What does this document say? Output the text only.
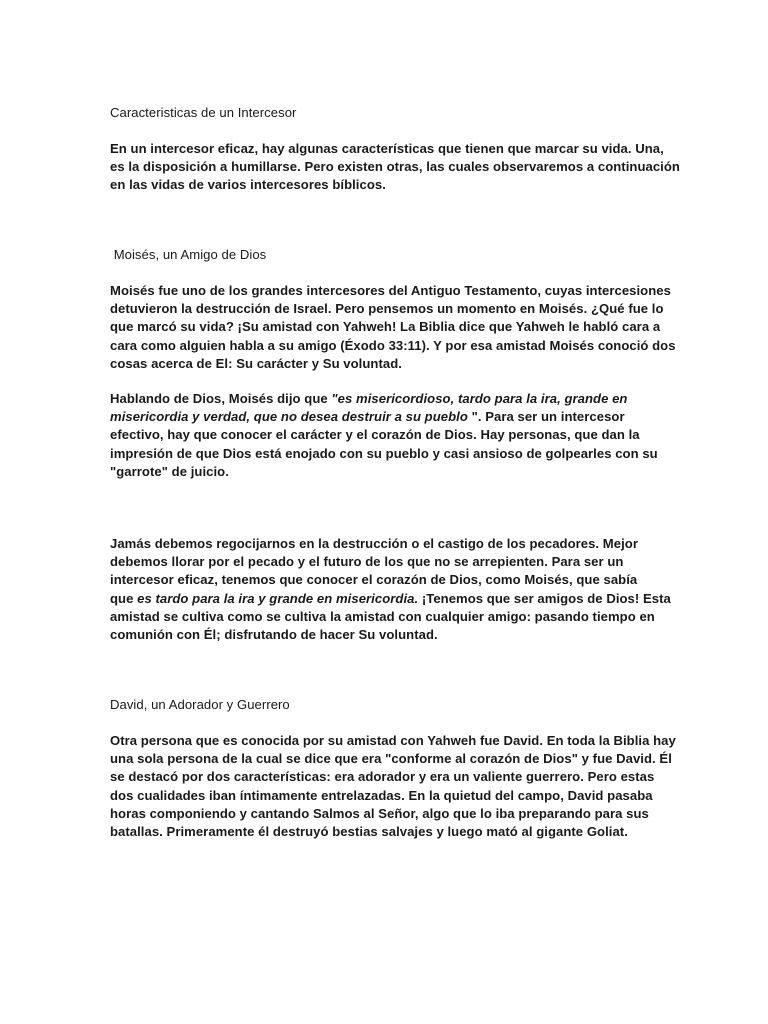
Caracteristicas de un Intercesor

En un intercesor eficaz, hay algunas características que tienen que marcar su vida. Una,
es la disposición a humillarse. Pero existen otras, las cuales observaremos a continuación
en las vidas de varios intercesores bíblicos.

Moisés, un Amigo de Dios

Moisés fue uno de los grandes intercesores del Antiguo Testamento, cuyas intercesiones
detuvieron la destrucción de Israel. Pero pensemos un momento en Moisés. ¿Qué fue lo
que marcó su vida? ¡Su amistad con Yahweh! La Biblia dice que Yahweh le habló cara a
cara como alguien habla a su amigo (Éxodo 33:11). Y por esa amistad Moisés conoció dos
cosas acerca de El: Su carácter y Su voluntad.

Hablando de Dios, Moisés dijo que "es misericordioso, tardo para la ira, grande en
misericordia y verdad, que no desea destruir a su pueblo ". Para ser un intercesor
efectivo, hay que conocer el carácter y el corazón de Dios. Hay personas, que dan la
impresión de que Dios está enojado con su pueblo y casi ansioso de golpearles con su
"garrote" de juicio.

Jamás debemos regocijarnos en la destrucción o el castigo de los pecadores. Mejor
debemos llorar por el pecado y el futuro de los que no se arrepienten. Para ser un
intercesor eficaz, tenemos que conocer el corazón de Dios, como Moisés, que sabía
que es tardo para la ira y grande en misericordia. ¡Tenemos que ser amigos de Dios! Esta
amistad se cultiva como se cultiva la amistad con cualquier amigo: pasando tiempo en
comunión con Él; disfrutando de hacer Su voluntad.

David, un Adorador y Guerrero

Otra persona que es conocida por su amistad con Yahweh fue David. En toda la Biblia hay
una sola persona de la cual se dice que era "conforme al corazón de Dios" y fue David. Él
se destacó por dos características: era adorador y era un valiente guerrero. Pero estas
dos cualidades iban íntimamente entrelazadas. En la quietud del campo, David pasaba
horas componiendo y cantando Salmos al Señor, algo que lo iba preparando para sus
batallas. Primeramente él destruyó bestias salvajes y luego mató al gigante Goliat.
